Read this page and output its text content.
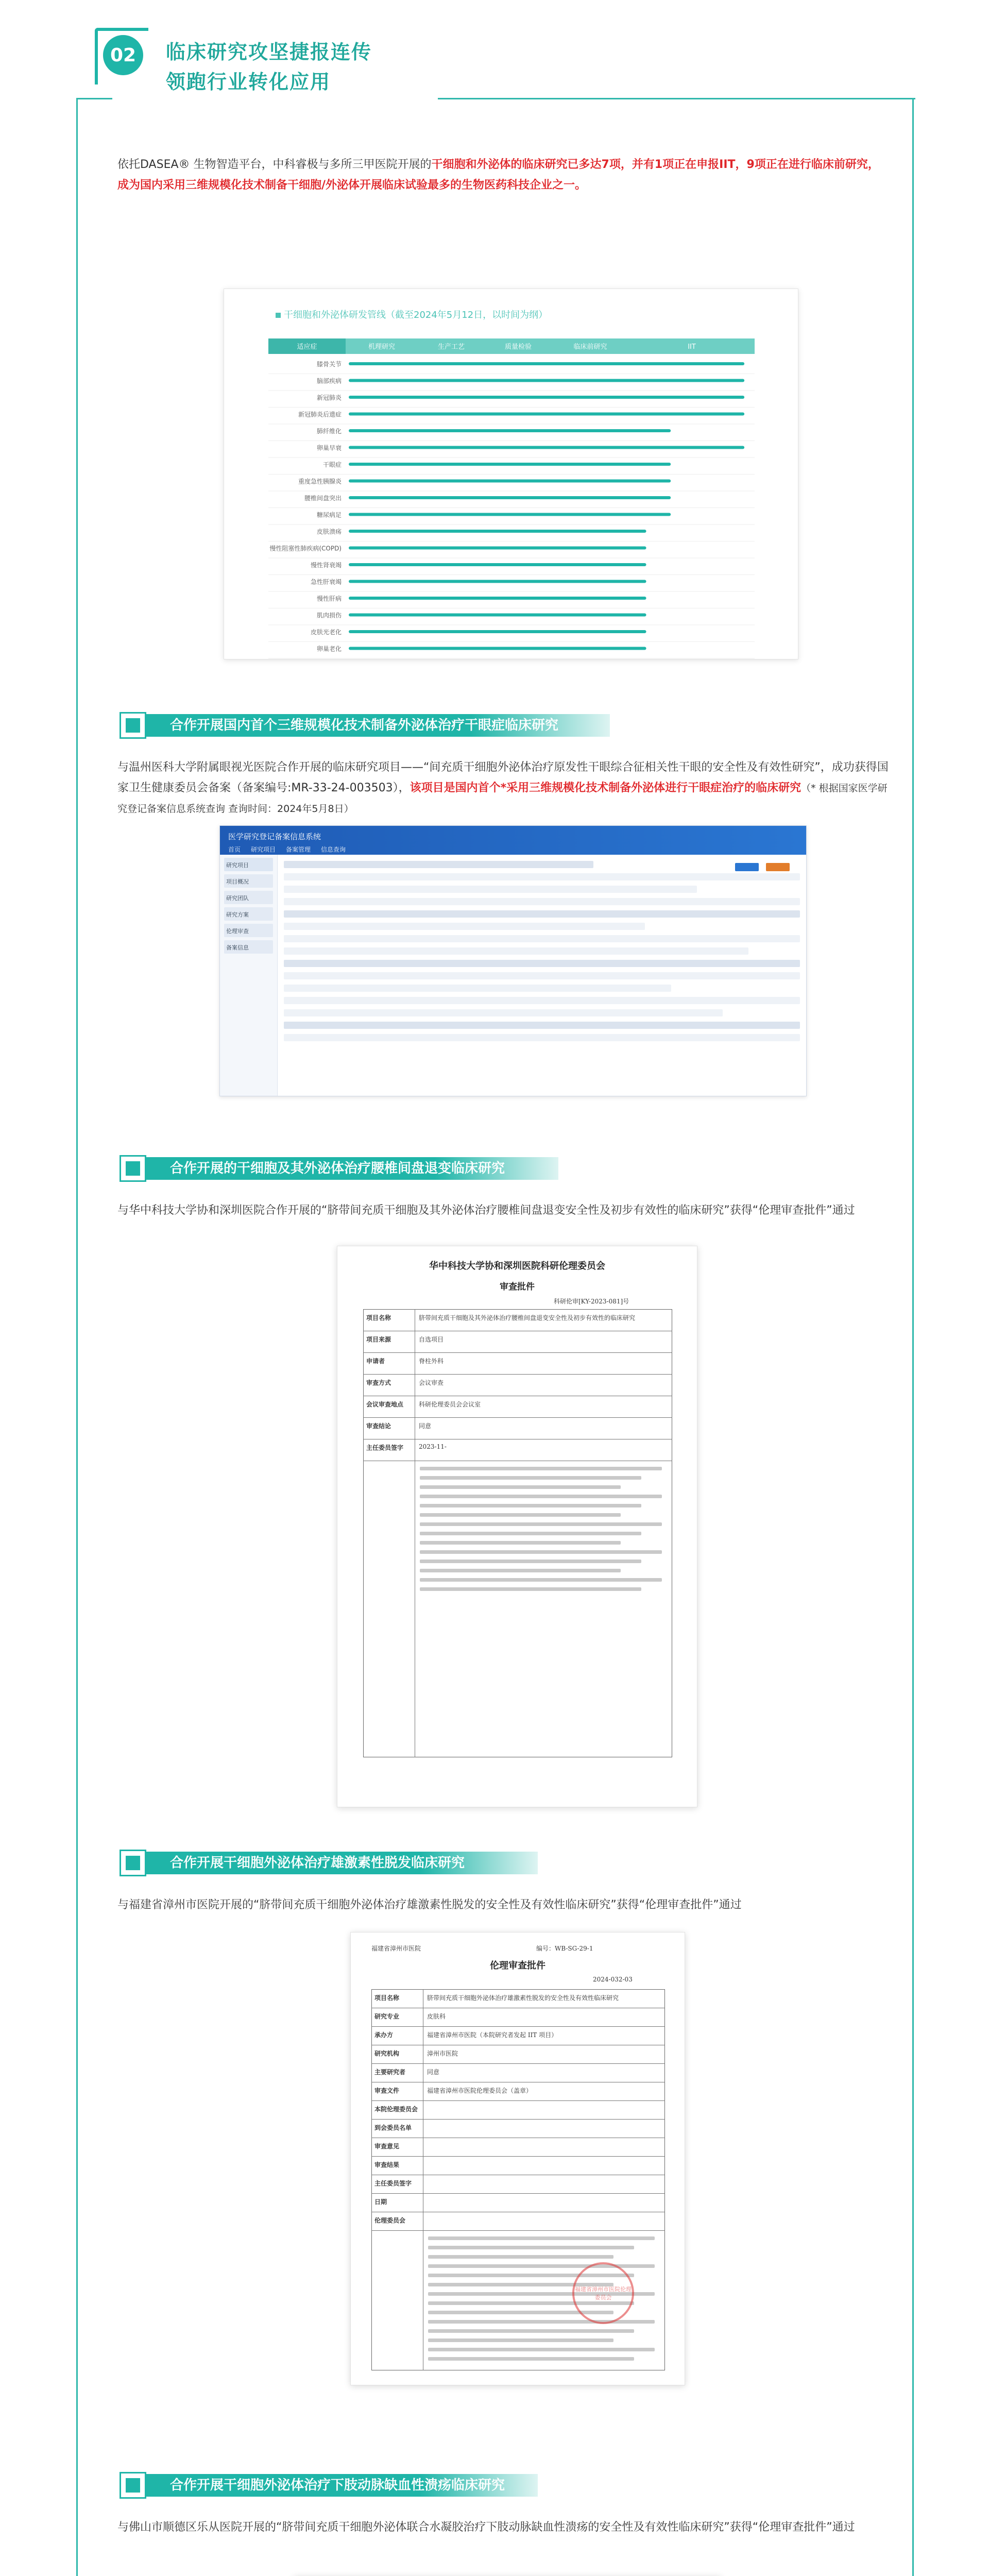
02	临床研究攻坚捷报连传
领跑行业转化应用
依托DASEA® 生物智造平台，中科睿极与多所三甲医院开展的干细胞和外泌体的临床研究已多达7项，并有1项正在申报IIT，9项正在进行临床前研究，成为国内采用三维规模化技术制备干细胞/外泌体开展临床试验最多的生物医药科技企业之一。
干细胞和外泌体研发管线（截至2024年5月12日，以时间为纲）
适应症	机理研究	生产工艺	质量检验	临床前研究	IIT
膝骨关节
脑部疾病
新冠肺炎
新冠肺炎后遗症
肺纤维化
卵巢早衰
干眼症
重度急性胰腺炎
腰椎间盘突出
糖尿病足
皮肤溃疡
慢性阻塞性肺疾病(COPD)
慢性肾衰竭
急性肝衰竭
慢性肝病
肌肉损伤
皮肤光老化
卵巢老化
合作开展国内首个三维规模化技术制备外泌体治疗干眼症临床研究
与温州医科大学附属眼视光医院合作开展的临床研究项目——“间充质干细胞外泌体治疗原发性干眼综合征相关性干眼的安全性及有效性研究”，成功获得国家卫生健康委员会备案（备案编号:MR-33-24-003503），该项目是国内首个*采用三维规模化技术制备外泌体进行干眼症治疗的临床研究（* 根据国家医学研究登记备案信息系统查询 查询时间：2024年5月8日）
医学研究登记备案信息系统
首页 研究项目 备案管理 信息查询
研究项目
项目概况
研究团队
研究方案
伦理审查
备案信息
合作开展的干细胞及其外泌体治疗腰椎间盘退变临床研究
与华中科技大学协和深圳医院合作开展的“脐带间充质干细胞及其外泌体治疗腰椎间盘退变安全性及初步有效性的临床研究”获得“伦理审查批件”通过
华中科技大学协和深圳医院科研伦理委员会
审查批件
科研伦审[KY-2023-081]号
项目名称	脐带间充质干细胞及其外泌体治疗腰椎间盘退变安全性及初步有效性的临床研究
项目来源	自选项目
申请者	脊柱外科
审查方式	会议审查
会议审查地点 科研伦理委员会会议室
审查结论	同意
主任委员签字 2023-11-
合作开展干细胞外泌体治疗雄激素性脱发临床研究
与福建省漳州市医院开展的“脐带间充质干细胞外泌体治疗雄激素性脱发的安全性及有效性临床研究”获得“伦理审查批件”通过
福建省漳州市医院	编号：WB-SG-29-1
伦理审查批件
2024-032-03
项目名称	脐带间充质干细胞外泌体治疗雄激素性脱发的安全性及有效性临床研究
研究专业	皮肤科
承办方	福建省漳州市医院（本院研究者发起 IIT 项目）
研究机构	漳州市医院
主要研究者	同意
审查文件	福建省漳州市医院伦理委员会（盖章）
本院伦理委员会
到会委员名单
审查意见
审查结果
主任委员签字
日期
伦理委员会
福建省漳州市医院伦理委员会
合作开展干细胞外泌体治疗下肢动脉缺血性溃疡临床研究
与佛山市顺德区乐从医院开展的“脐带间充质干细胞外泌体联合水凝胶治疗下肢动脉缺血性溃疡的安全性及有效性临床研究”获得“伦理审查批件”通过
